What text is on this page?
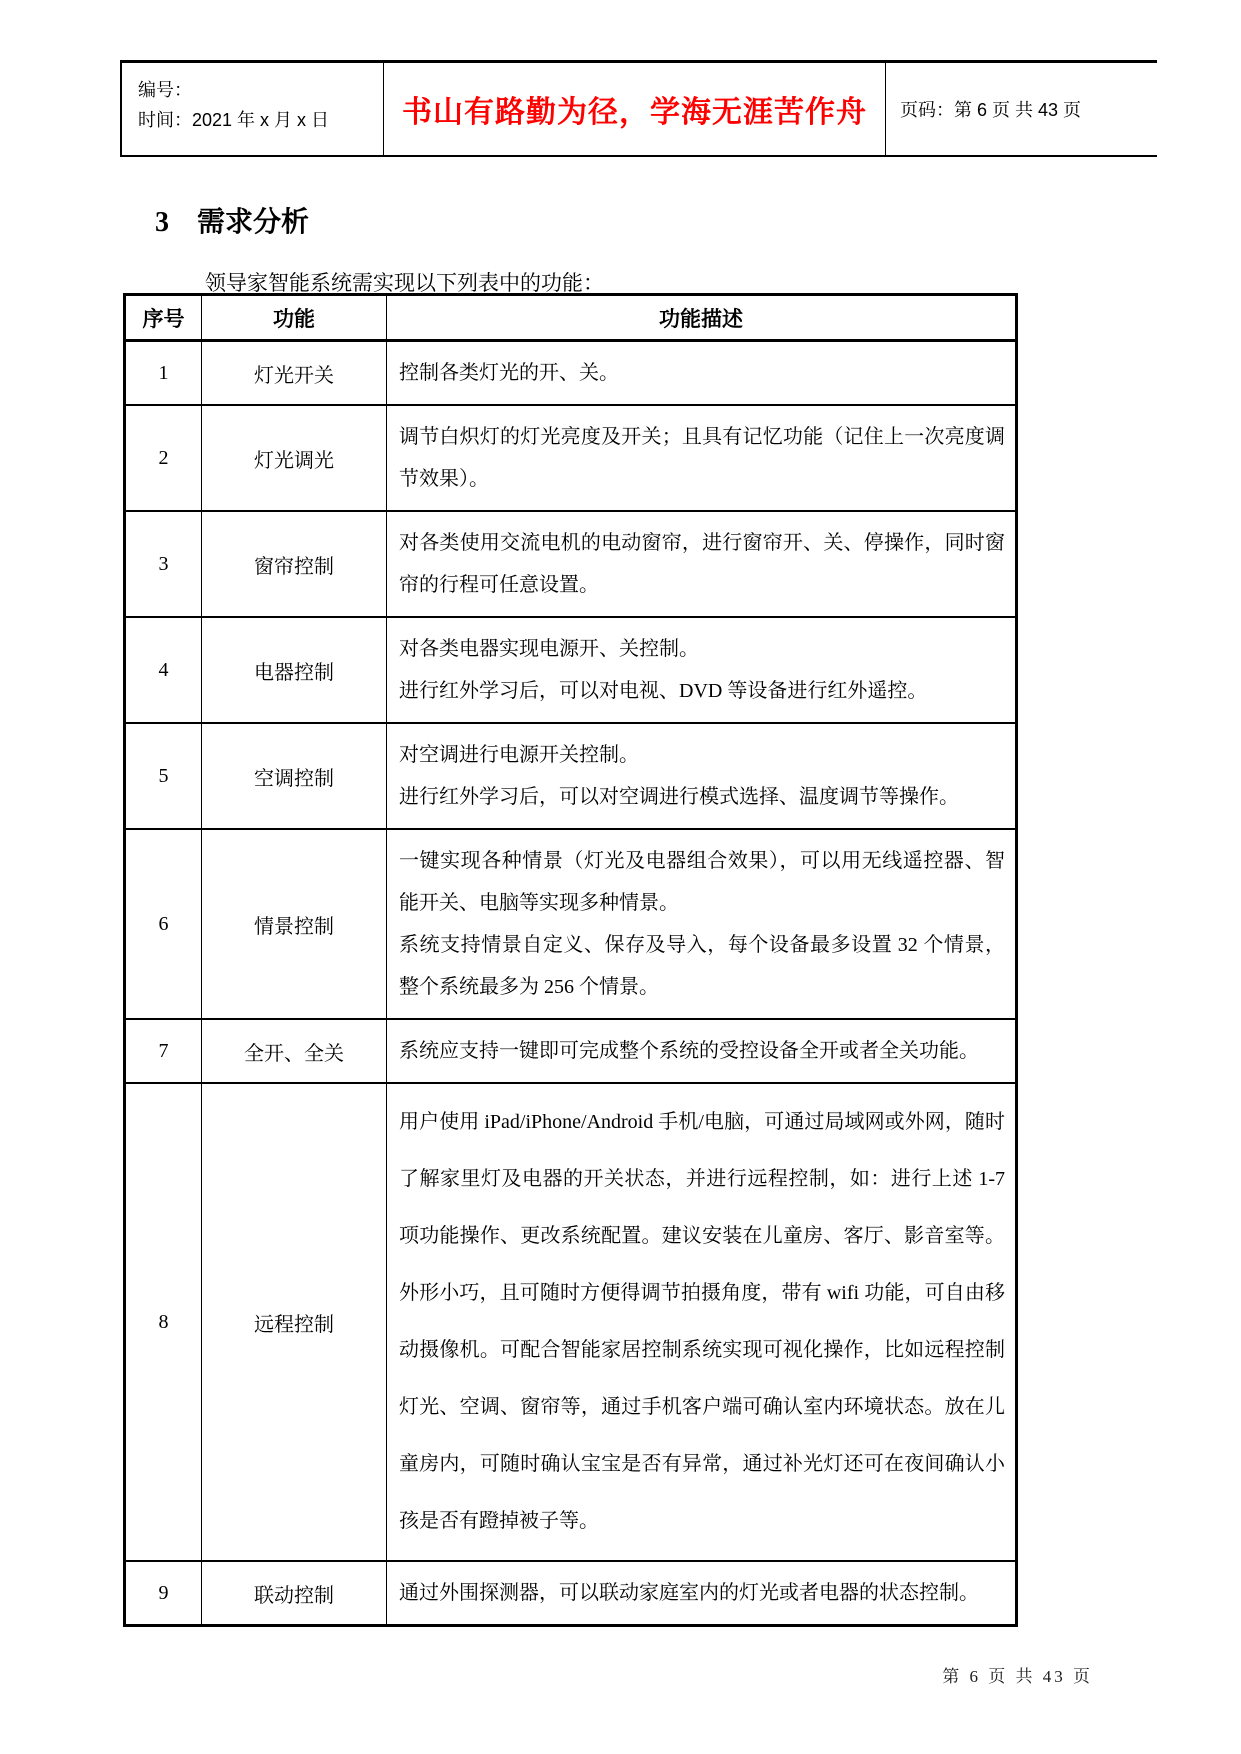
编号：
时间：2021 年 x 月 x 日	书山有路勤为径，学海无涯苦作舟	页码：第 6 页 共 43 页
3 需求分析

领导家智能系统需实现以下列表中的功能：

序号	功能	功能描述
1	灯光开关	控制各类灯光的开、关。

2	灯光调光	调节白炽灯的灯光亮度及开关；且具有记忆功能（记住上一次亮度调节效果）。

3	窗帘控制	对各类使用交流电机的电动窗帘，进行窗帘开、关、停操作，同时窗帘的行程可任意设置。

4	电器控制	对各类电器实现电源开、关控制。

进行红外学习后，可以对电视、DVD 等设备进行红外遥控。

5	空调控制	对空调进行电源开关控制。

进行红外学习后，可以对空调进行模式选择、温度调节等操作。

6	情景控制	一键实现各种情景（灯光及电器组合效果），可以用无线遥控器、智能开关、电脑等实现多种情景。

系统支持情景自定义、保存及导入，每个设备最多设置 32 个情景，整个系统最多为 256 个情景。

7	全开、全关	系统应支持一键即可完成整个系统的受控设备全开或者全关功能。

8	远程控制	用户使用 iPad/iPhone/Android 手机/电脑，可通过局域网或外网，随时了解家里灯及电器的开关状态，并进行远程控制，如：进行上述 1-7 项功能操作、更改系统配置。建议安装在儿童房、客厅、影音室等。外形小巧，且可随时方便得调节拍摄角度，带有 wifi 功能，可自由移动摄像机。可配合智能家居控制系统实现可视化操作，比如远程控制灯光、空调、窗帘等，通过手机客户端可确认室内环境状态。放在儿童房内，可随时确认宝宝是否有异常，通过补光灯还可在夜间确认小孩是否有蹬掉被子等。

9	联动控制	通过外围探测器，可以联动家庭室内的灯光或者电器的状态控制。

第 6 页 共 43 页
